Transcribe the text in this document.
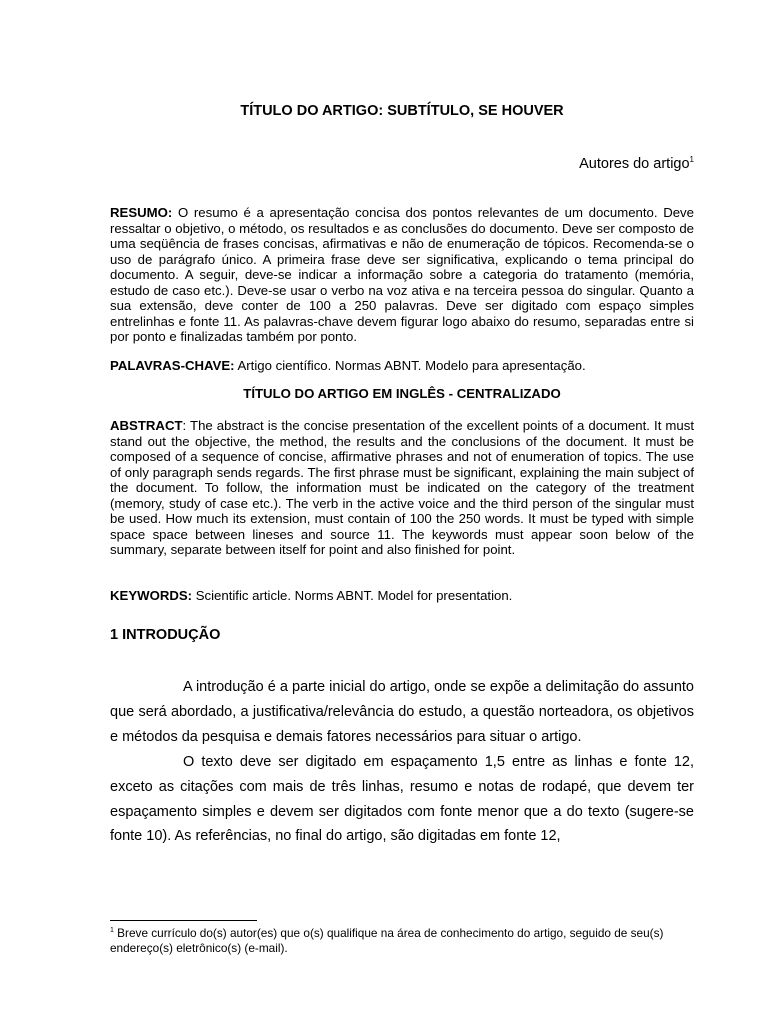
TÍTULO DO ARTIGO: SUBTÍTULO, SE HOUVER
Autores do artigo$^1$
RESUMO: O resumo é a apresentação concisa dos pontos relevantes de um documento. Deve ressaltar o objetivo, o método, os resultados e as conclusões do documento. Deve ser composto de uma seqüência de frases concisas, afirmativas e não de enumeração de tópicos. Recomenda-se o uso de parágrafo único. A primeira frase deve ser significativa, explicando o tema principal do documento. A seguir, deve-se indicar a informação sobre a categoria do tratamento (memória, estudo de caso etc.). Deve-se usar o verbo na voz ativa e na terceira pessoa do singular. Quanto a sua extensão, deve conter de 100 a 250 palavras. Deve ser digitado com espaço simples entrelinhas e fonte 11. As palavras-chave devem figurar logo abaixo do resumo, separadas entre si por ponto e finalizadas também por ponto.
PALAVRAS-CHAVE: Artigo científico. Normas ABNT. Modelo para apresentação.
TÍTULO DO ARTIGO EM INGLÊS - CENTRALIZADO
ABSTRACT: The abstract is the concise presentation of the excellent points of a document. It must stand out the objective, the method, the results and the conclusions of the document. It must be composed of a sequence of concise, affirmative phrases and not of enumeration of topics. The use of only paragraph sends regards. The first phrase must be significant, explaining the main subject of the document. To follow, the information must be indicated on the category of the treatment (memory, study of case etc.). The verb in the active voice and the third person of the singular must be used. How much its extension, must contain of 100 the 250 words. It must be typed with simple space space between lineses and source 11. The keywords must appear soon below of the summary, separate between itself for point and also finished for point.
KEYWORDS: Scientific article. Norms ABNT. Model for presentation.
1 INTRODUÇÃO

A introdução é a parte inicial do artigo, onde se expõe a delimitação do assunto que será abordado, a justificativa/relevância do estudo, a questão norteadora, os objetivos e métodos da pesquisa e demais fatores necessários para situar o artigo.

O texto deve ser digitado em espaçamento 1,5 entre as linhas e fonte 12, exceto as citações com mais de três linhas, resumo e notas de rodapé, que devem ter espaçamento simples e devem ser digitados com fonte menor que a do texto (sugere-se fonte 10). As referências, no final do artigo, são digitadas em fonte 12,

$^1$ Breve currículo do(s) autor(es) que o(s) qualifique na área de conhecimento do artigo, seguido de seu(s) endereço(s) eletrônico(s) (e-mail).
